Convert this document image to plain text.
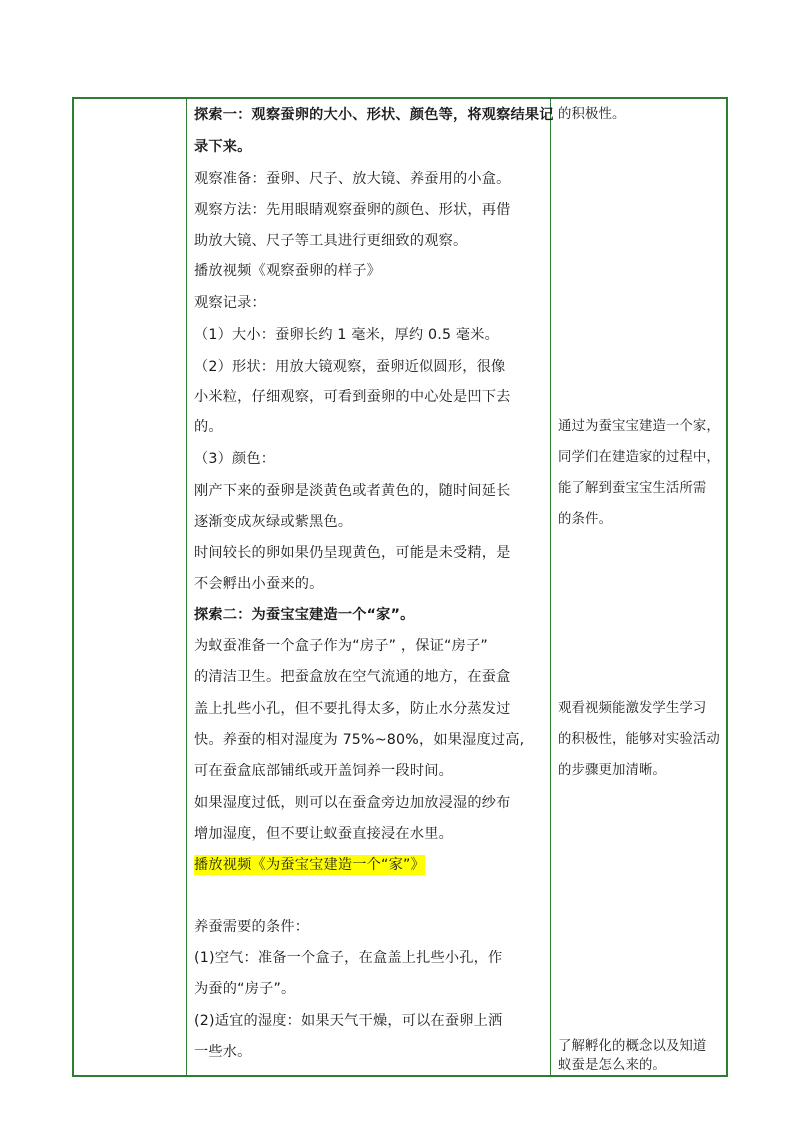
探索一：观察蚕卵的大小、形状、颜色等，将观察结果记
录下来。
观察准备：蚕卵、尺子、放大镜、养蚕用的小盒。
观察方法：先用眼睛观察蚕卵的颜色、形状，再借
助放大镜、尺子等工具进行更细致的观察。
播放视频《观察蚕卵的样子》
观察记录：
（1）大小：蚕卵长约 1 毫米，厚约 0.5 毫米。
（2）形状：用放大镜观察，蚕卵近似圆形，很像
小米粒，仔细观察，可看到蚕卵的中心处是凹下去
的。
（3）颜色：
刚产下来的蚕卵是淡黄色或者黄色的，随时间延长
逐渐变成灰绿或紫黑色。
时间较长的卵如果仍呈现黄色，可能是未受精，是
不会孵出小蚕来的。
探索二：为蚕宝宝建造一个“家”。
为蚁蚕准备一个盒子作为“房子” ，保证“房子”
的清洁卫生。把蚕盒放在空气流通的地方，在蚕盒
盖上扎些小孔，但不要扎得太多，防止水分蒸发过
快。养蚕的相对湿度为 75%~80%，如果湿度过高,
可在蚕盒底部铺纸或开盖饲养一段时间。
如果湿度过低，则可以在蚕盒旁边加放浸湿的纱布
增加湿度，但不要让蚁蚕直接浸在水里。
播放视频《为蚕宝宝建造一个“家”》
养蚕需要的条件：
(1)空气：准备一个盒子，在盒盖上扎些小孔，作
为蚕的“房子”。
(2)适宜的湿度：如果天气干燥，可以在蚕卵上洒
一些水。
的积极性。
通过为蚕宝宝建造一个家，
同学们在建造家的过程中，
能了解到蚕宝宝生活所需
的条件。
观看视频能激发学生学习
的积极性，能够对实验活动
的步骤更加清晰。
了解孵化的概念以及知道
蚁蚕是怎么来的。
